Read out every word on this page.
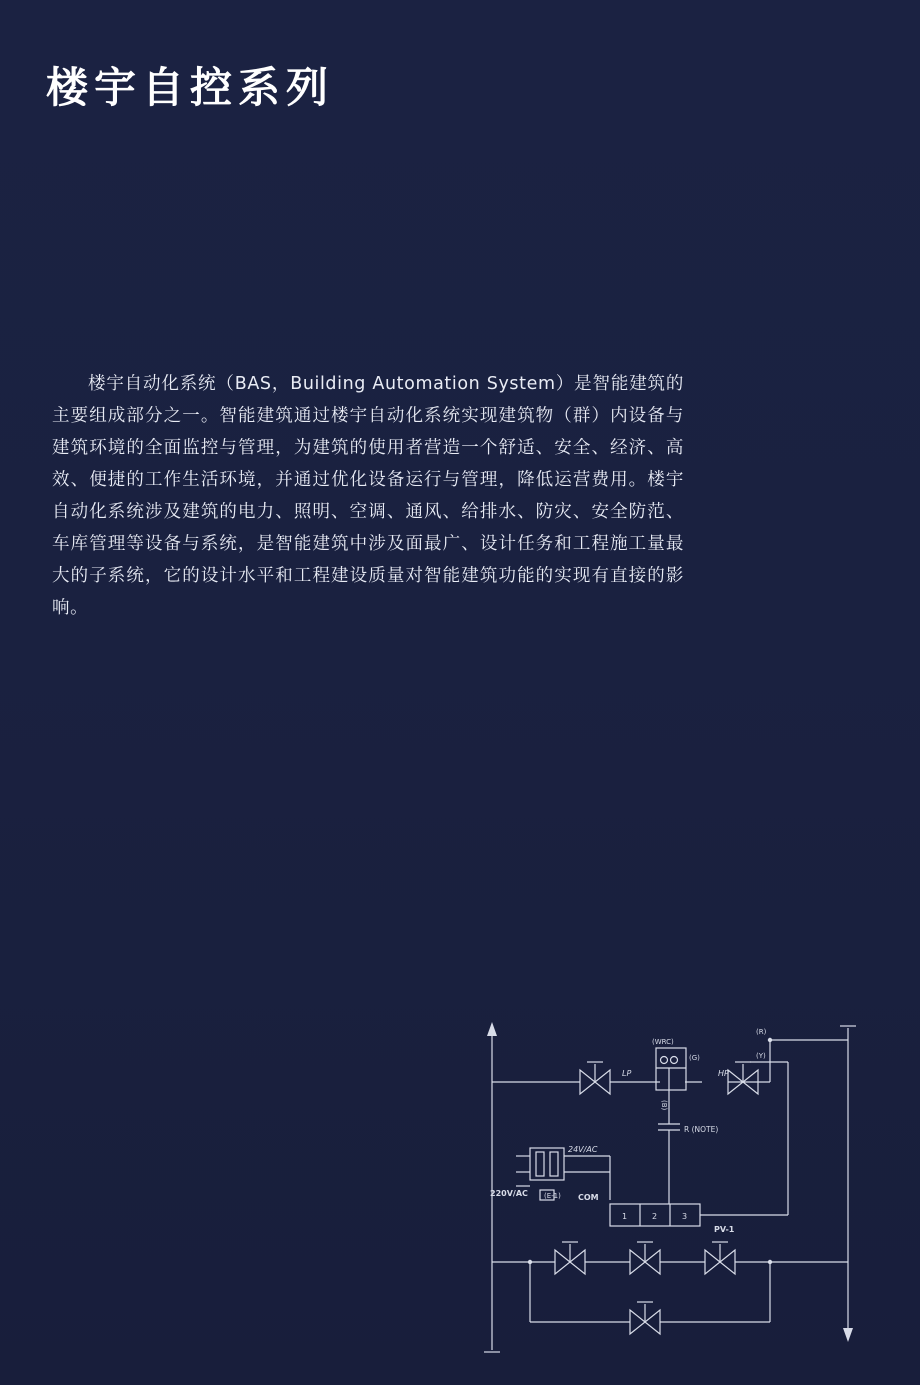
楼宇自控系列
楼宇自动化系统（BAS，Building Automation System）是智能建筑的主要组成部分之一。智能建筑通过楼宇自动化系统实现建筑物（群）内设备与建筑环境的全面监控与管理，为建筑的使用者营造一个舒适、安全、经济、高效、便捷的工作生活环境，并通过优化设备运行与管理，降低运营费用。楼宇自动化系统涉及建筑的电力、照明、空调、通风、给排水、防灾、安全防范、车库管理等设备与系统，是智能建筑中涉及面最广、设计任务和工程施工量最大的子系统，它的设计水平和工程建设质量对智能建筑功能的实现有直接的影响。
LP
(WRC)
(G)
(B)
HP
(R)
(Y)
R (NOTE)
24V/AC
220V/AC (E-1) COM
1	2	3
PV-1
